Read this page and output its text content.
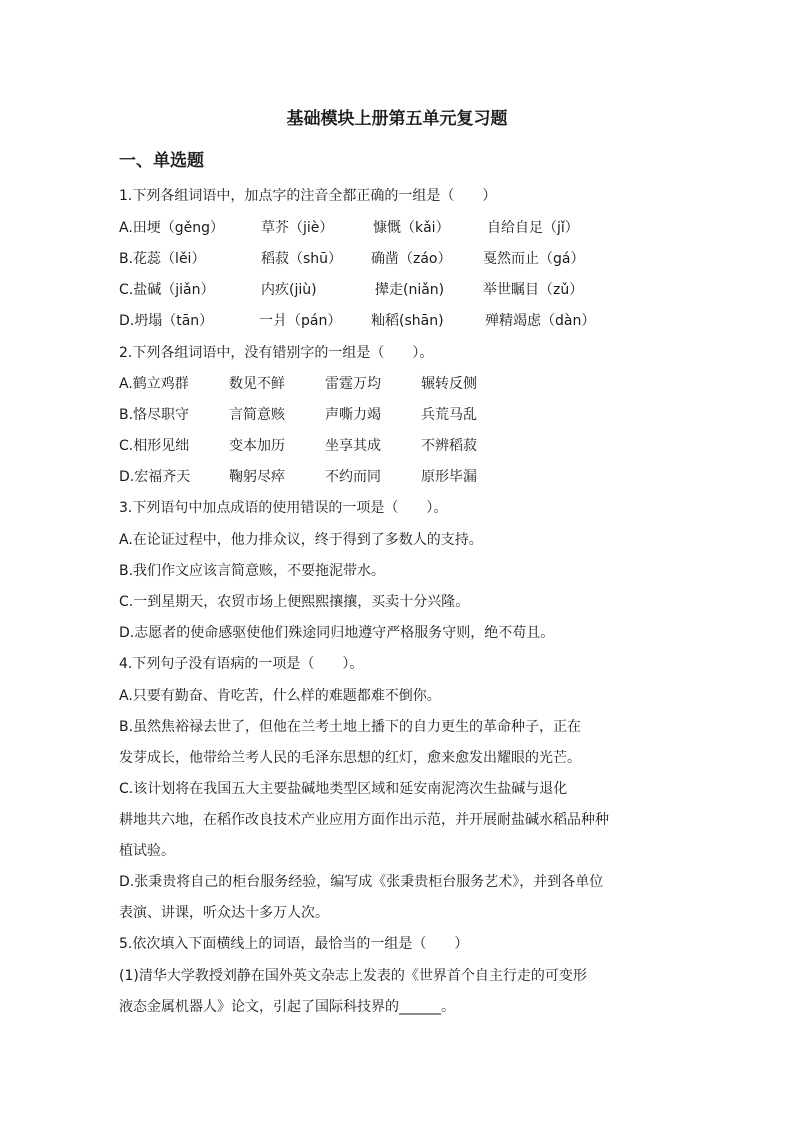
基础模块上册第五单元复习题
一、单选题
1.下列各组词语中，加点字的注音全都正确的一组是（　　）
A.田埂（gěng）	草芥（jiè）	慷慨（kǎi）	自给自足（jǐ）
B.花蕊（lěi）	稻菽（shū） 确凿（záo） 戛然而止（gá）
C.盐碱（jiǎn）	内疚(jiù)	撵走(niǎn)	举世瞩目（zǔ）
D.坍塌（tān）	一爿（pán） 籼稻(shān)	殚精竭虑（dàn）
2.下列各组词语中，没有错别字的一组是（　　）。
A.鹤立鸡群	数见不鲜	雷霆万均	辗转反侧
B.恪尽职守	言简意赅	声嘶力竭	兵荒马乱
C.相形见绌	变本加历	坐享其成	不辨稻菽
D.宏福齐天	鞠躬尽瘁	不约而同	原形毕漏
3.下列语句中加点成语的使用错误的一项是（　　）。
A.在论证过程中，他力排众议，终于得到了多数人的支持。
B.我们作文应该言简意赅，不要拖泥带水。
C.一到星期天，农贸市场上便熙熙攘攘，买卖十分兴隆。
D.志愿者的使命感驱使他们殊途同归地遵守严格服务守则，绝不苟且。
4.下列句子没有语病的一项是（　　）。
A.只要有勤奋、肯吃苦，什么样的难题都难不倒你。
B.虽然焦裕禄去世了，但他在兰考土地上播下的自力更生的革命种子，正在
发芽成长，他带给兰考人民的毛泽东思想的红灯，愈来愈发出耀眼的光芒。
C.该计划将在我国五大主要盐碱地类型区域和延安南泥湾次生盐碱与退化
耕地共六地，在稻作改良技术产业应用方面作出示范，并开展耐盐碱水稻品种种
植试验。
D.张秉贵将自己的柜台服务经验，编写成《张秉贵柜台服务艺术》，并到各单位
表演、讲课，听众达十多万人次。
5.依次填入下面横线上的词语，最恰当的一组是（　　）
(1)清华大学教授刘静在国外英文杂志上发表的《世界首个自主行走的可变形
液态金属机器人》论文，引起了国际科技界的______。
